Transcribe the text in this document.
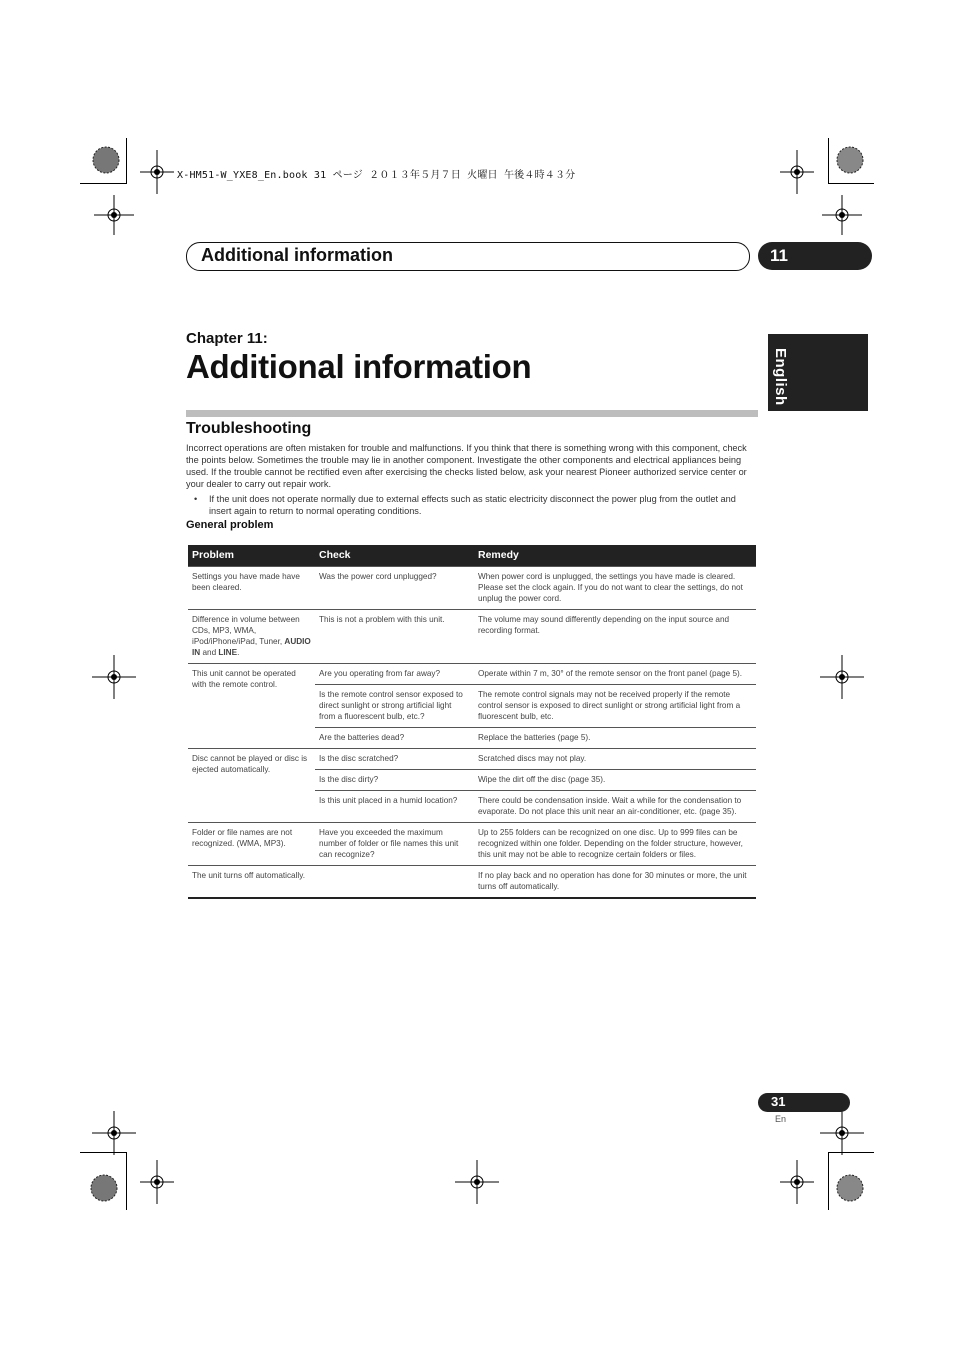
X-HM51-W_YXE8_En.book 31 ページ ２０１３年５月７日 火曜日 午後４時４３分
Additional information	11
English
Chapter 11:
Additional information
Troubleshooting
Incorrect operations are often mistaken for trouble and malfunctions. If you think that there is something wrong with this component, check the points below. Sometimes the trouble may lie in another component. Investigate the other components and electrical appliances being used. If the trouble cannot be rectified even after exercising the checks listed below, ask your nearest Pioneer authorized service center or your dealer to carry out repair work.
• If the unit does not operate normally due to external effects such as static electricity disconnect the power plug from the outlet and insert again to return to normal operating conditions.
General problem
Problem	Check	Remedy
Settings you have made have been cleared.	Was the power cord unplugged?	When power cord is unplugged, the settings you have made is cleared. Please set the clock again. If you do not want to clear the settings, do not unplug the power cord.
Difference in volume between CDs, MP3, WMA, iPod/iPhone/iPad, Tuner, AUDIO IN and LINE.	This is not a problem with this unit.	The volume may sound differently depending on the input source and recording format.
This unit cannot be operated with the remote control.	Are you operating from far away?	Operate within 7 m, 30° of the remote sensor on the front panel (page 5).
	Is the remote control sensor exposed to direct sunlight or strong artificial light from a fluorescent bulb, etc.?	The remote control signals may not be received properly if the remote control sensor is exposed to direct sunlight or strong artificial light from a fluorescent bulb, etc.
	Are the batteries dead?	Replace the batteries (page 5).
Disc cannot be played or disc is ejected automatically.	Is the disc scratched?	Scratched discs may not play.
	Is the disc dirty?	Wipe the dirt off the disc (page 35).
	Is this unit placed in a humid location?	There could be condensation inside. Wait a while for the condensation to evaporate. Do not place this unit near an air-conditioner, etc. (page 35).
Folder or file names are not recognized. (WMA, MP3).	Have you exceeded the maximum number of folder or file names this unit can recognize?	Up to 255 folders can be recognized on one disc. Up to 999 files can be recognized within one folder. Depending on the folder structure, however, this unit may not be able to recognize certain folders or files.
The unit turns off automatically.		If no play back and no operation has done for 30 minutes or more, the unit turns off automatically.
31
En
